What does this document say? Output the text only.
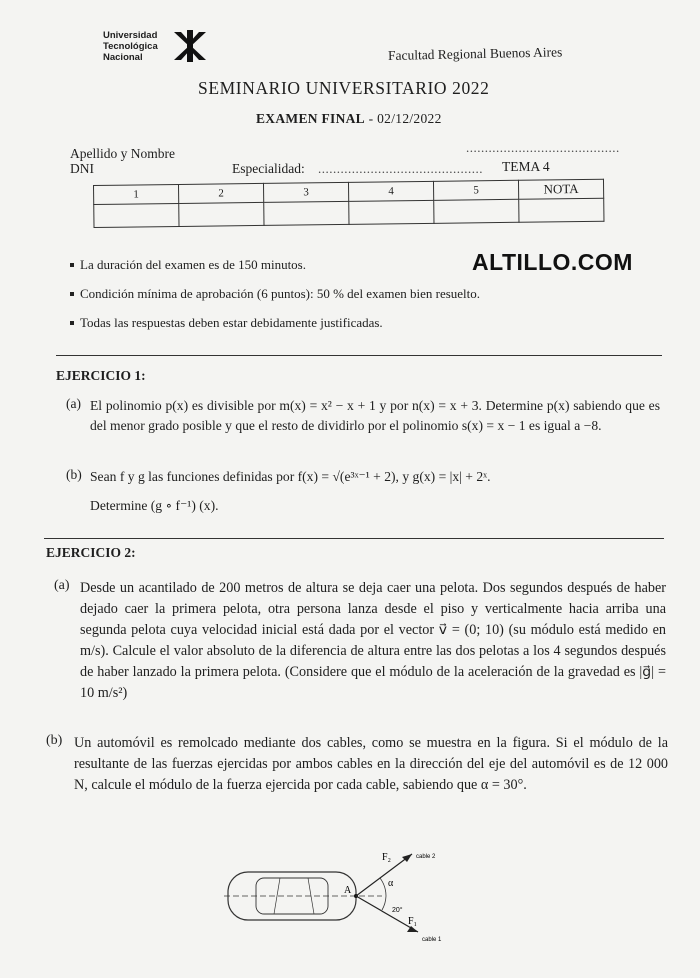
Universidad
Tecnológica
Nacional	Facultad Regional Buenos Aires
SEMINARIO UNIVERSITARIO 2022
EXAMEN FINAL - 02/12/2022
Apellido y Nombre	.........................................
DNI	Especialidad: ............................................ TEMA 4
1	2	3	4	5	NOTA

La duración del examen es de 150 minutos.	ALTILLO.COM
Condición mínima de aprobación (6 puntos): 50 % del examen bien resuelto.
Todas las respuestas deben estar debidamente justificadas.
EJERCICIO 1:
(a) El polinomio p(x) es divisible por m(x) = x² − x + 1 y por n(x) = x + 3. Determine p(x) sabiendo que es del menor grado posible y que el resto de dividirlo por el polinomio s(x) = x − 1 es igual a −8.
(b) Sean f y g las funciones definidas por f(x) = √(e³ˣ⁻¹ + 2), y g(x) = |x| + 2ˣ.
Determine (g ∘ f⁻¹) (x).
EJERCICIO 2:
(a) Desde un acantilado de 200 metros de altura se deja caer una pelota. Dos segundos después de haber dejado caer la primera pelota, otra persona lanza desde el piso y verticalmente hacia arriba una segunda pelota cuya velocidad inicial está dada por el vector v⃗ = (0; 10) (su módulo está medido en m/s). Calcule el valor absoluto de la diferencia de altura entre las dos pelotas a los 4 segundos después de haber lanzado la primera pelota. (Considere que el módulo de la aceleración de la gravedad es |g⃗| = 10 m/s²)
(b) Un automóvil es remolcado mediante dos cables, como se muestra en la figura. Si el módulo de la resultante de las fuerzas ejercidas por ambos cables en la dirección del eje del automóvil es de 12 000 N, calcule el módulo de la fuerza ejercida por cada cable, sabiendo que α = 30°.
A
F₂	cable 2
α
20°
F₁
cable 1
